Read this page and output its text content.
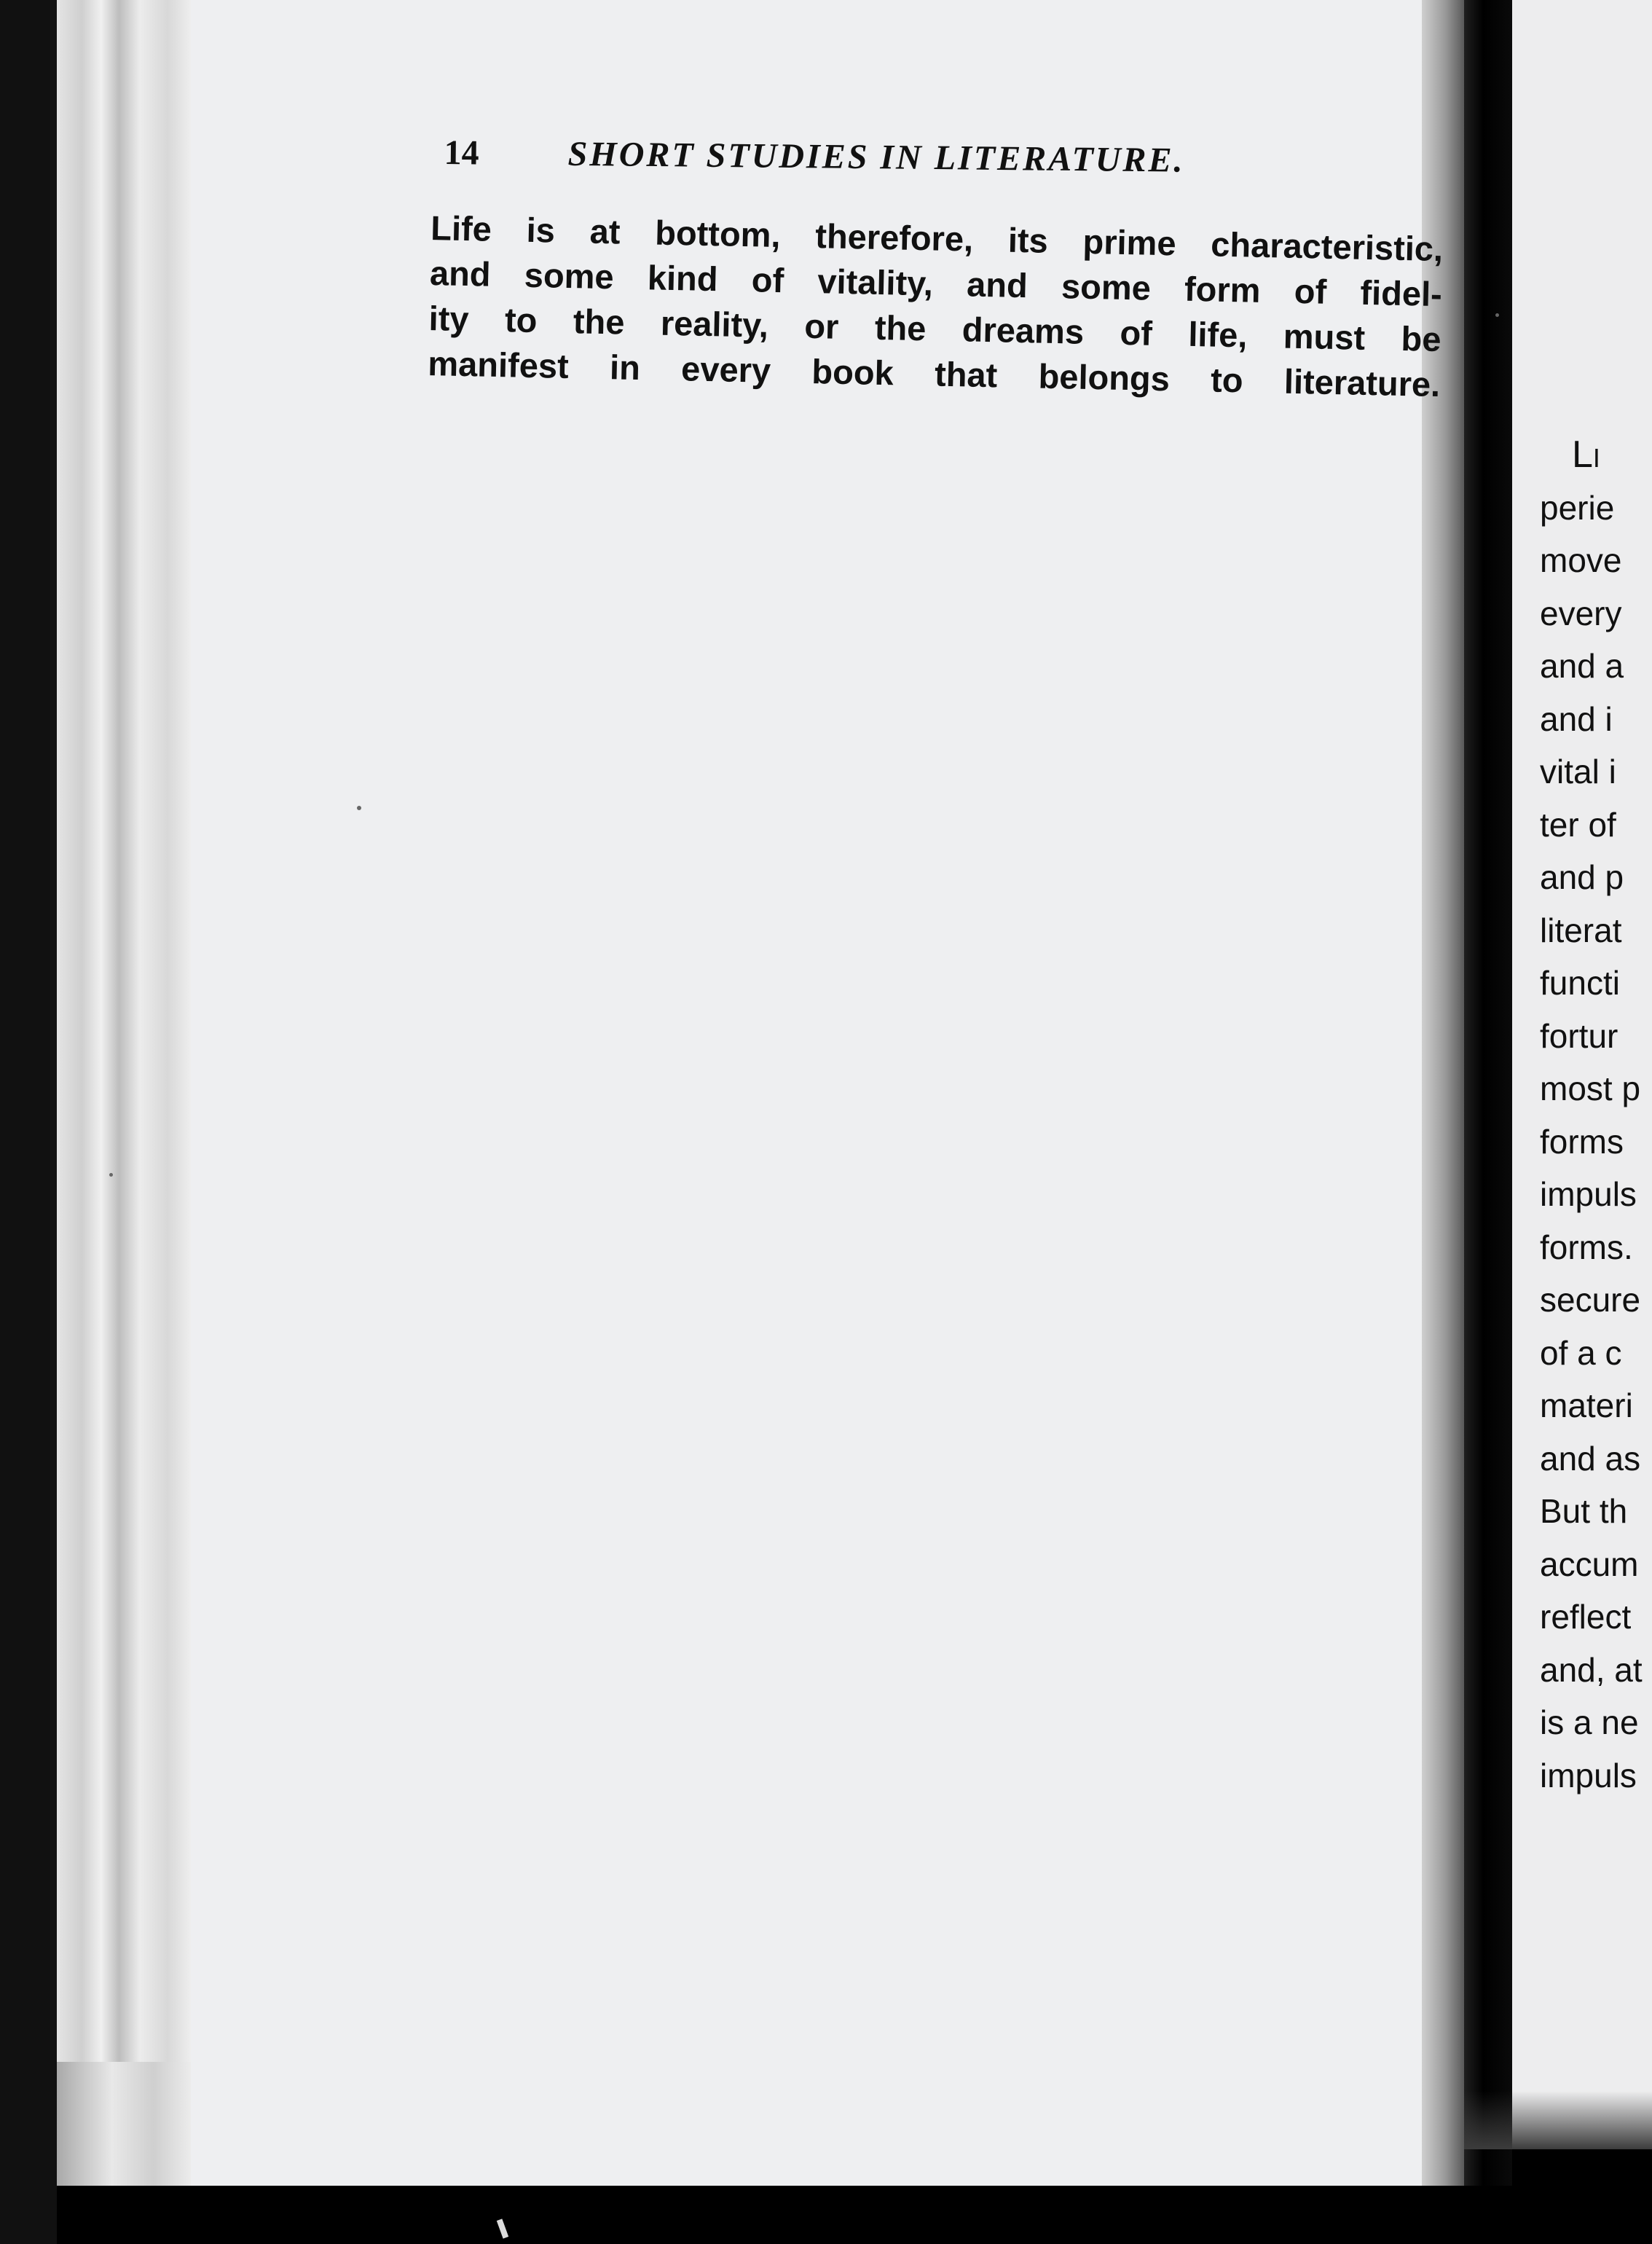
14	SHORT STUDIES IN LITERATURE.
Life is at bottom, therefore, its prime characteristic,
and some kind of vitality, and some form of fidel-
ity to the reality, or the dreams of life, must be
manifest in every book that belongs to literature.
Li
perie
move
every
and a
and i
vital i
ter of
and p
literat
functi
fortur
most p
forms
impuls
forms.
secure
of a c
materi
and as
But th
accum
reflect
and, at
is a ne
impuls
